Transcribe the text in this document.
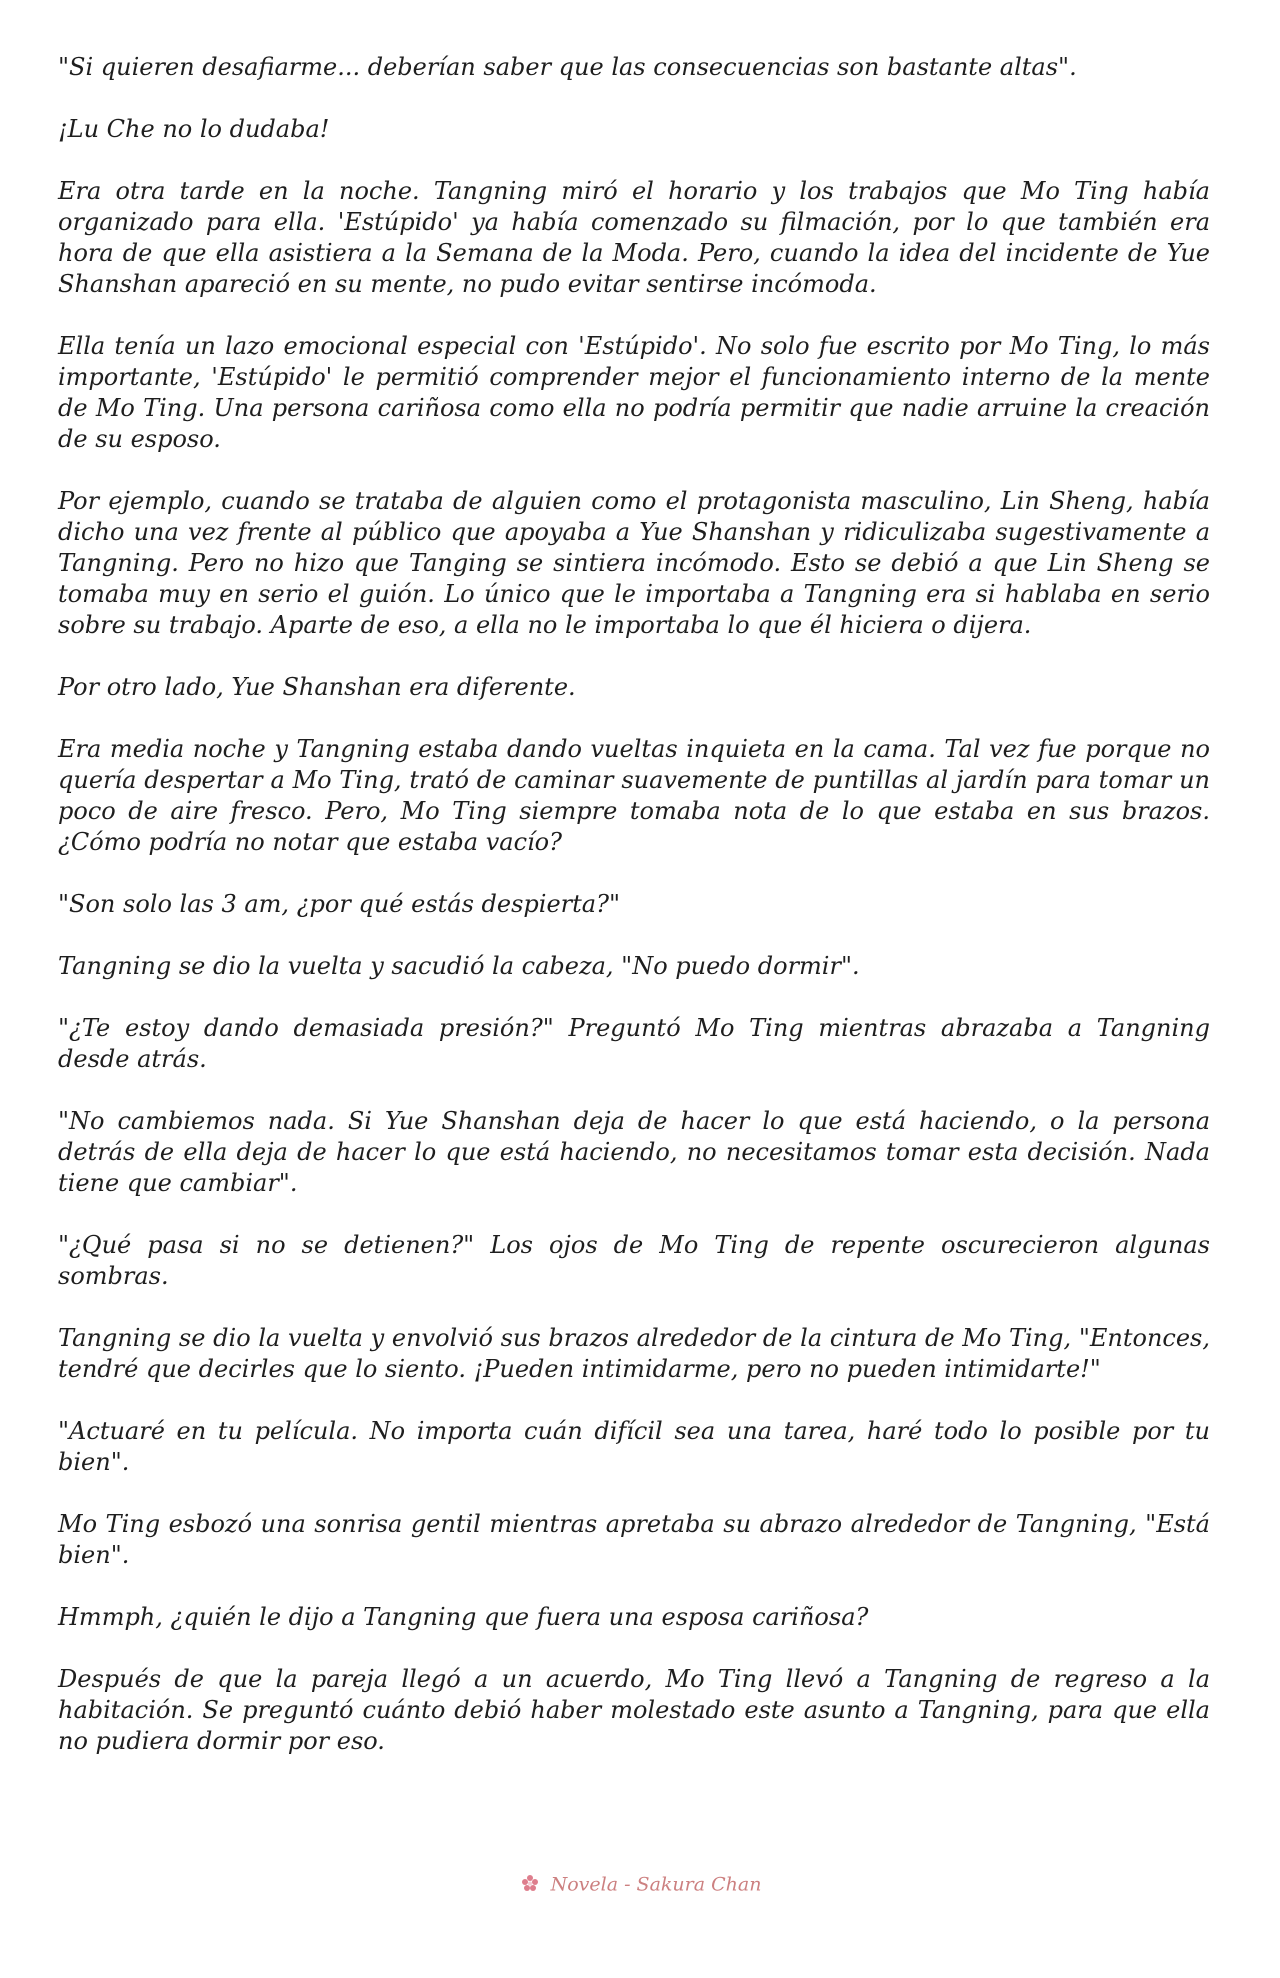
"Si quieren desafiarme... deberían saber que las consecuencias son bastante altas".

¡Lu Che no lo dudaba!

Era otra tarde en la noche. Tangning miró el horario y los trabajos que Mo Ting había organizado para ella. 'Estúpido' ya había comenzado su filmación, por lo que también era hora de que ella asistiera a la Semana de la Moda. Pero, cuando la idea del incidente de Yue Shanshan apareció en su mente, no pudo evitar sentirse incómoda.

Ella tenía un lazo emocional especial con 'Estúpido'. No solo fue escrito por Mo Ting, lo más importante, 'Estúpido' le permitió comprender mejor el funcionamiento interno de la mente de Mo Ting. Una persona cariñosa como ella no podría permitir que nadie arruine la creación de su esposo.

Por ejemplo, cuando se trataba de alguien como el protagonista masculino, Lin Sheng, había dicho una vez frente al público que apoyaba a Yue Shanshan y ridiculizaba sugestivamente a Tangning. Pero no hizo que Tanging se sintiera incómodo. Esto se debió a que Lin Sheng se tomaba muy en serio el guión. Lo único que le importaba a Tangning era si hablaba en serio sobre su trabajo. Aparte de eso, a ella no le importaba lo que él hiciera o dijera.

Por otro lado, Yue Shanshan era diferente.

Era media noche y Tangning estaba dando vueltas inquieta en la cama. Tal vez fue porque no quería despertar a Mo Ting, trató de caminar suavemente de puntillas al jardín para tomar un poco de aire fresco. Pero, Mo Ting siempre tomaba nota de lo que estaba en sus brazos. ¿Cómo podría no notar que estaba vacío?

"Son solo las 3 am, ¿por qué estás despierta?"

Tangning se dio la vuelta y sacudió la cabeza, "No puedo dormir".

"¿Te estoy dando demasiada presión?" Preguntó Mo Ting mientras abrazaba a Tangning desde atrás.

"No cambiemos nada. Si Yue Shanshan deja de hacer lo que está haciendo, o la persona detrás de ella deja de hacer lo que está haciendo, no necesitamos tomar esta decisión. Nada tiene que cambiar".

"¿Qué pasa si no se detienen?" Los ojos de Mo Ting de repente oscurecieron algunas sombras.

Tangning se dio la vuelta y envolvió sus brazos alrededor de la cintura de Mo Ting, "Entonces, tendré que decirles que lo siento. ¡Pueden intimidarme, pero no pueden intimidarte!"

"Actuaré en tu película. No importa cuán difícil sea una tarea, haré todo lo posible por tu bien".

Mo Ting esbozó una sonrisa gentil mientras apretaba su abrazo alrededor de Tangning, "Está bien".

Hmmph, ¿quién le dijo a Tangning que fuera una esposa cariñosa?

Después de que la pareja llegó a un acuerdo, Mo Ting llevó a Tangning de regreso a la habitación. Se preguntó cuánto debió haber molestado este asunto a Tangning, para que ella no pudiera dormir por eso.

Novela - Sakura Chan
